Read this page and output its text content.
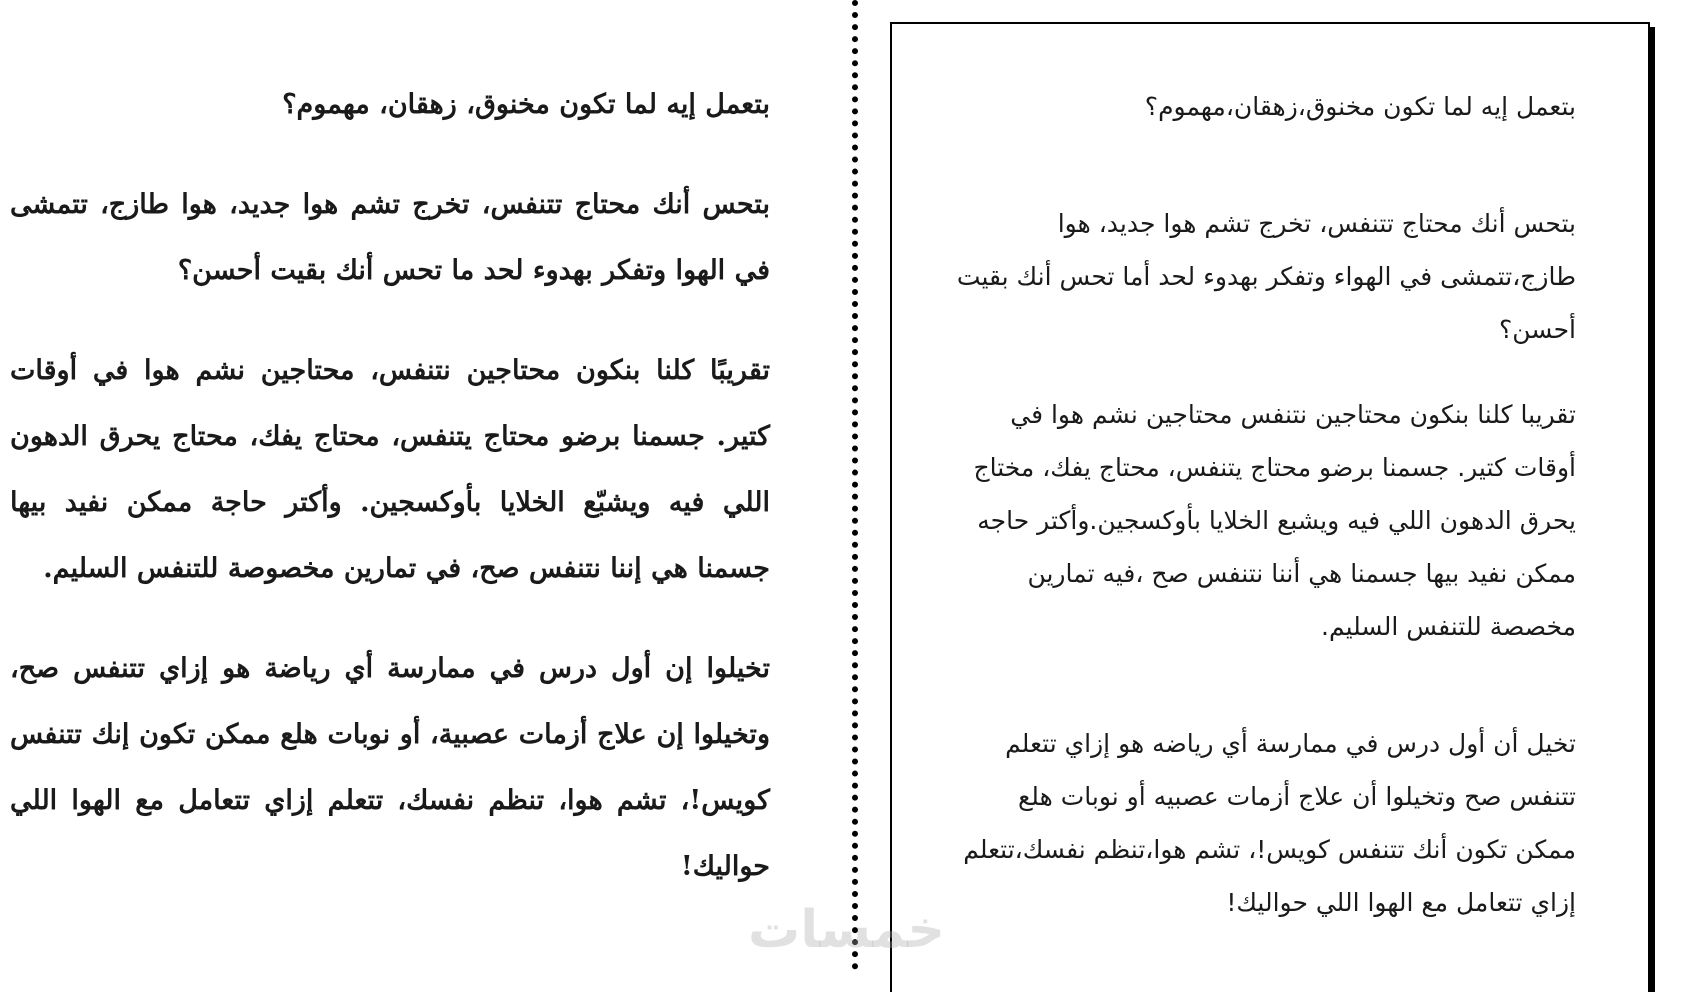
بتعمل إيه لما تكون مخنوق، زهقان، مهموم؟

بتحس أنك محتاج تتنفس، تخرج تشم هوا جديد، هوا طازج، تتمشى في الهوا وتفكر بهدوء لحد ما تحس أنك بقيت أحسن؟

تقريبًا كلنا بنكون محتاجين نتنفس، محتاجين نشم هوا في أوقات كتير. جسمنا برضو محتاج يتنفس، محتاج يفك، محتاج يحرق الدهون اللي فيه ويشبّع الخلايا بأوكسجين. وأكتر حاجة ممكن نفيد بيها جسمنا هي إننا نتنفس صح، في تمارين مخصوصة للتنفس السليم.

تخيلوا إن أول درس في ممارسة أي رياضة هو إزاي تتنفس صح، وتخيلوا إن علاج أزمات عصبية، أو نوبات هلع ممكن تكون إنك تتنفس كويس!، تشم هوا، تنظم نفسك، تتعلم إزاي تتعامل مع الهوا اللي حواليك!

بتعمل إيه لما تكون مخنوق،زهقان،مهموم؟

بتحس أنك محتاج تتنفس، تخرج تشم هوا جديد، هوا طازج،تتمشى في الهواء وتفكر بهدوء لحد أما تحس أنك بقيت أحسن؟

تقريبا كلنا بنكون محتاجين نتنفس محتاجين نشم هوا في أوقات كتير. جسمنا برضو محتاج يتنفس، محتاج يفك، مختاج يحرق الدهون اللي فيه ويشبع الخلايا بأوكسجين.وأكتر حاجه ممكن نفيد بيها جسمنا هي أننا نتنفس صح ،فيه تمارين مخصصة للتنفس السليم.

تخيل أن أول درس في ممارسة أي رياضه هو إزاي تتعلم تتنفس صح وتخيلوا أن علاج أزمات عصبيه أو نوبات هلع ممكن تكون أنك تتنفس كويس!، تشم هوا،تنظم نفسك،تتعلم إزاي تتعامل مع الهوا اللي حواليك!

خمسات
